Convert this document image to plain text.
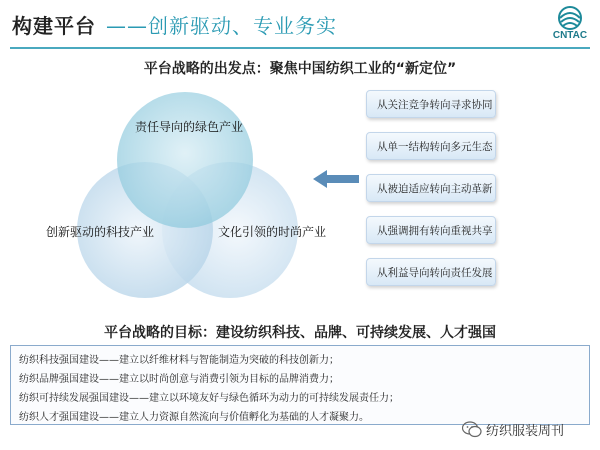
构建平台 ——创新驱动、专业务实	CNTAC
平台战略的出发点：聚焦中国纺织工业的“新定位”
责任导向的绿色产业
创新驱动的科技产业	文化引领的时尚产业
从关注竞争转向寻求协同
从单一结构转向多元生态
从被迫适应转向主动革新
从强调拥有转向重视共享
从利益导向转向责任发展
平台战略的目标：建设纺织科技、品牌、可持续发展、人才强国
纺织科技强国建设——建立以纤维材料与智能制造为突破的科技创新力；
纺织品牌强国建设——建立以时尚创意与消费引领为目标的品牌消费力；
纺织可持续发展强国建设——建立以环境友好与绿色循环为动力的可持续发展责任力；
纺织人才强国建设——建立人力资源自然流向与价值孵化为基础的人才凝聚力。
纺织服装周刊
